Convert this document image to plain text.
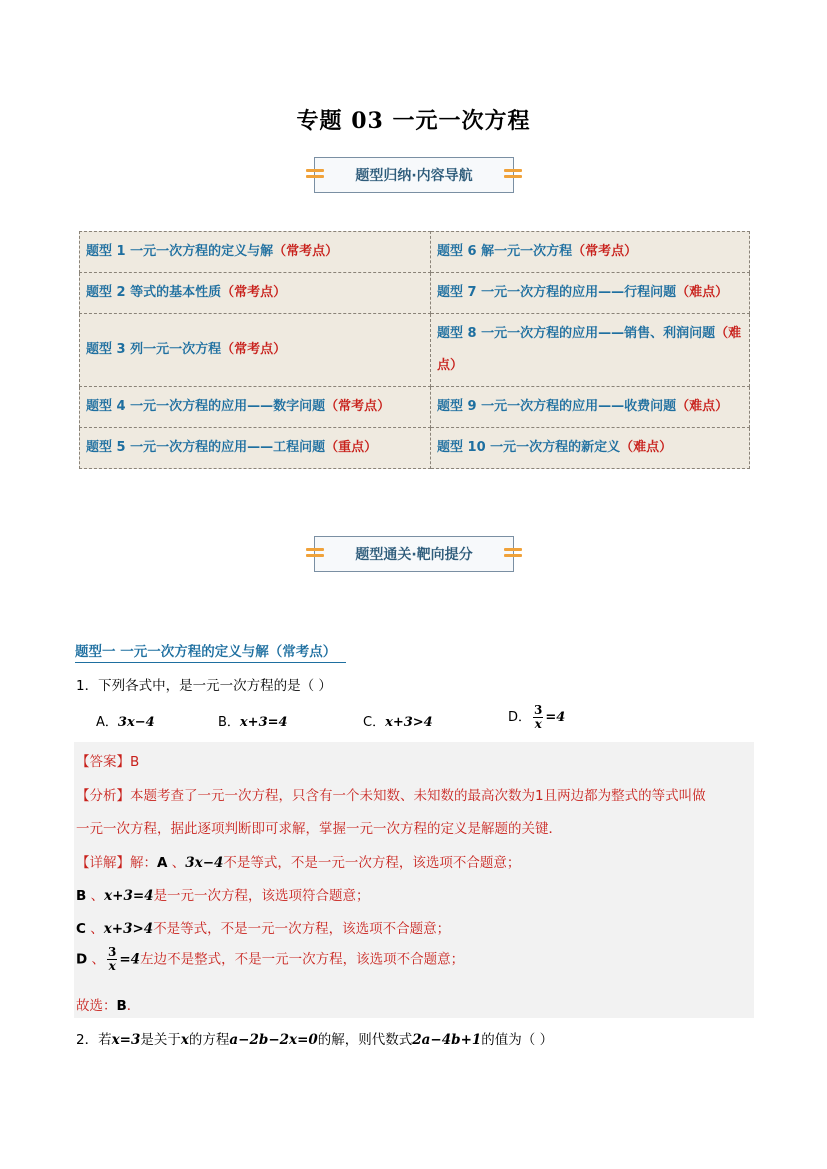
专题 03 一元一次方程
题型归纳·内容导航
题型 1 一元一次方程的定义与解（常考点）	题型 6 解一元一次方程（常考点）
题型 2 等式的基本性质（常考点）	题型 7 一元一次方程的应用——行程问题（难点）
题型 3 列一元一次方程（常考点）	题型 8 一元一次方程的应用——销售、利润问题（难点）
题型 4 一元一次方程的应用——数字问题（常考点）	题型 9 一元一次方程的应用——收费问题（难点）
题型 5 一元一次方程的应用——工程问题（重点）	题型 10 一元一次方程的新定义（难点）
题型通关·靶向提分
题型一 一元一次方程的定义与解（常考点）
1．下列各式中，是一元一次方程的是（ ）
A．3x−4	B．x+3=4	C．x+3>4	D． $\frac{3}{x} =4$
【答案】B
【分析】本题考查了一元一次方程，只含有一个未知数、未知数的最高次数为1且两边都为整式的等式叫做
一元一次方程，据此逐项判断即可求解，掌握一元一次方程的定义是解题的关键．
【详解】解：A 、3x−4不是等式，不是一元一次方程，该选项不合题意；
B 、x+3=4是一元一次方程，该选项符合题意；
C 、x+3>4不是等式，不是一元一次方程，该选项不合题意；
D 、 $\frac{3}{x} =4$左边不是整式，不是一元一次方程，该选项不合题意；
故选：B．
2．若x=3是关于x的方程a−2b−2x=0的解，则代数式2a−4b+1的值为（ ）
